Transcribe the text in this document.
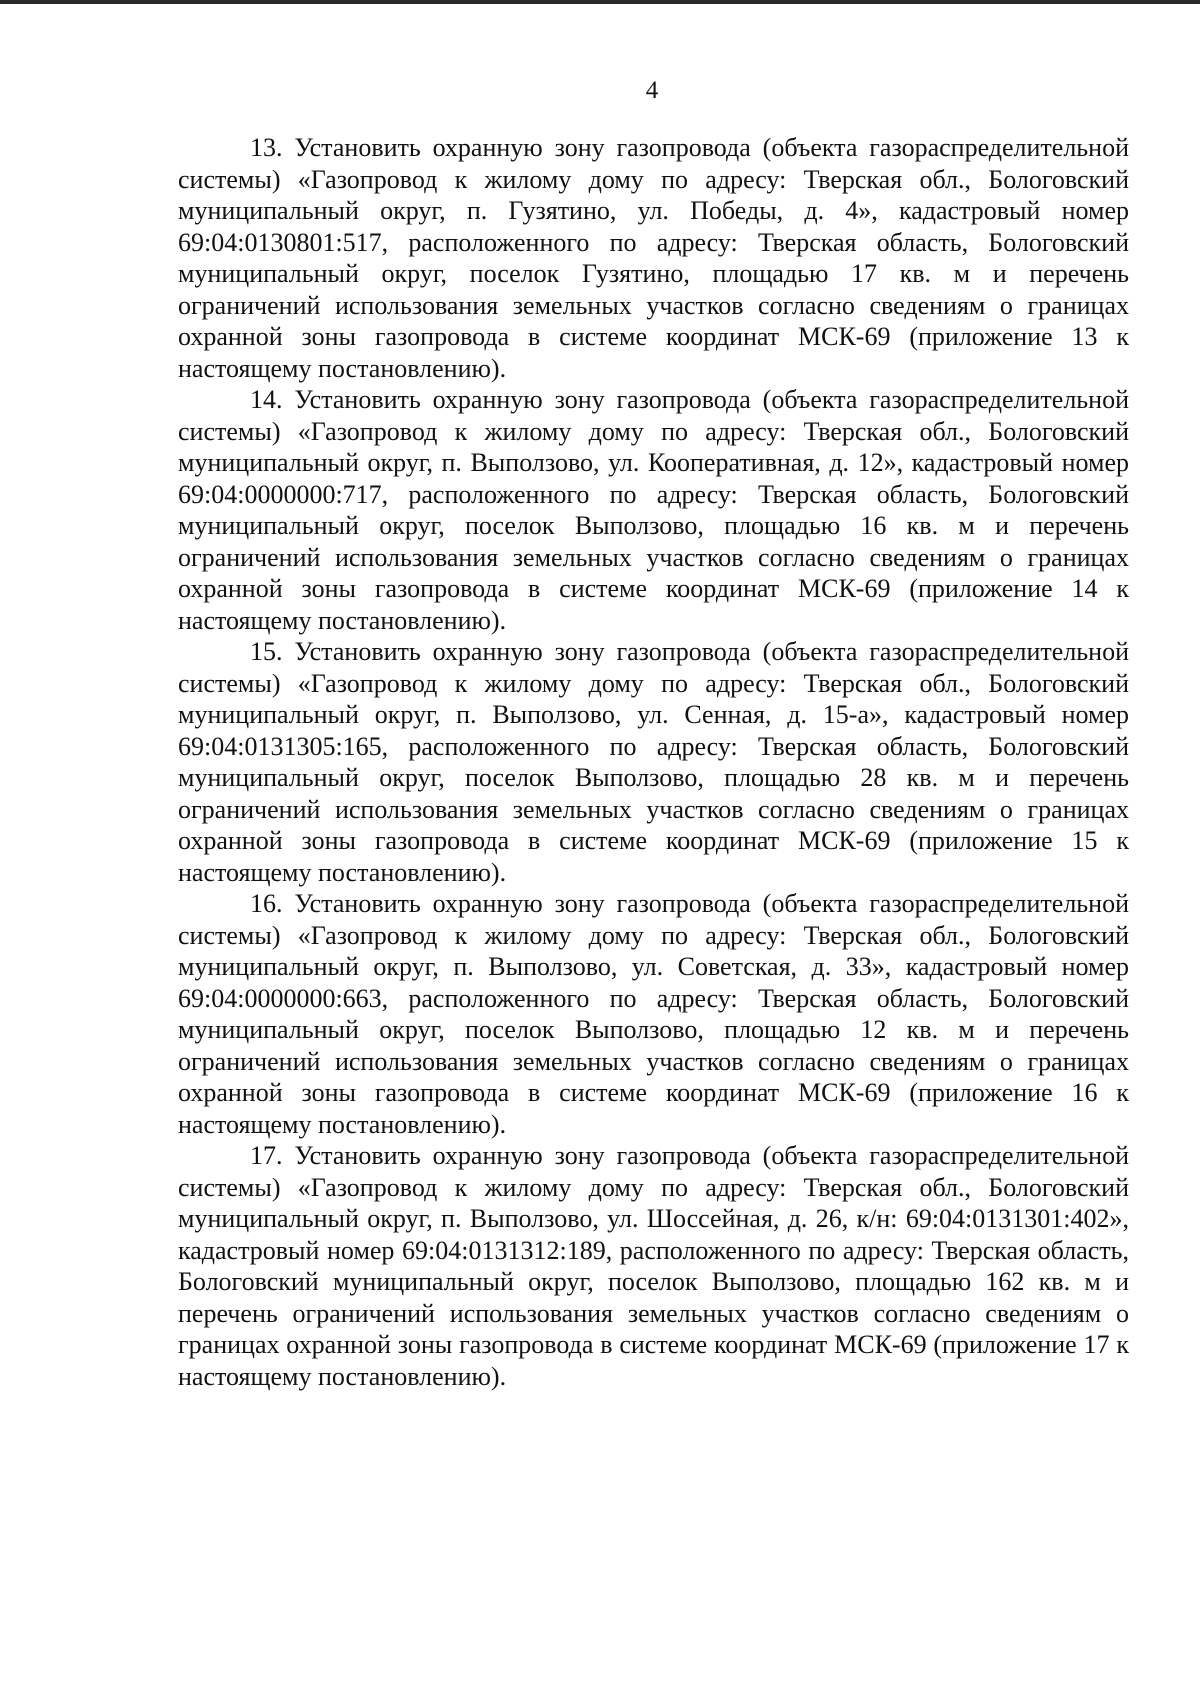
4

13. Установить охранную зону газопровода (объекта газораспределительной системы) «Газопровод к жилому дому по адресу: Тверская обл., Бологовский муниципальный округ, п. Гузятино, ул. Победы, д. 4», кадастровый номер 69:04:0130801:517, расположенного по адресу: Тверская область, Бологовский муниципальный округ, поселок Гузятино, площадью 17 кв. м и перечень ограничений использования земельных участков согласно сведениям о границах охранной зоны газопровода в системе координат МСК-69 (приложение 13 к настоящему постановлению).

14. Установить охранную зону газопровода (объекта газораспределительной системы) «Газопровод к жилому дому по адресу: Тверская обл., Бологовский муниципальный округ, п. Выползово, ул. Кооперативная, д. 12», кадастровый номер 69:04:0000000:717, расположенного по адресу: Тверская область, Бологовский муниципальный округ, поселок Выползово, площадью 16 кв. м и перечень ограничений использования земельных участков согласно сведениям о границах охранной зоны газопровода в системе координат МСК-69 (приложение 14 к настоящему постановлению).

15. Установить охранную зону газопровода (объекта газораспределительной системы) «Газопровод к жилому дому по адресу: Тверская обл., Бологовский муниципальный округ, п. Выползово, ул. Сенная, д. 15-а», кадастровый номер 69:04:0131305:165, расположенного по адресу: Тверская область, Бологовский муниципальный округ, поселок Выползово, площадью 28 кв. м и перечень ограничений использования земельных участков согласно сведениям о границах охранной зоны газопровода в системе координат МСК-69 (приложение 15 к настоящему постановлению).

16. Установить охранную зону газопровода (объекта газораспределительной системы) «Газопровод к жилому дому по адресу: Тверская обл., Бологовский муниципальный округ, п. Выползово, ул. Советская, д. 33», кадастровый номер 69:04:0000000:663, расположенного по адресу: Тверская область, Бологовский муниципальный округ, поселок Выползово, площадью 12 кв. м и перечень ограничений использования земельных участков согласно сведениям о границах охранной зоны газопровода в системе координат МСК-69 (приложение 16 к настоящему постановлению).

17. Установить охранную зону газопровода (объекта газораспределительной системы) «Газопровод к жилому дому по адресу: Тверская обл., Бологовский муниципальный округ, п. Выползово, ул. Шоссейная, д. 26, к/н: 69:04:0131301:402», кадастровый номер 69:04:0131312:189, расположенного по адресу: Тверская область, Бологовский муниципальный округ, поселок Выползово, площадью 162 кв. м и перечень ограничений использования земельных участков согласно сведениям о границах охранной зоны газопровода в системе координат МСК-69 (приложение 17 к настоящему постановлению).
